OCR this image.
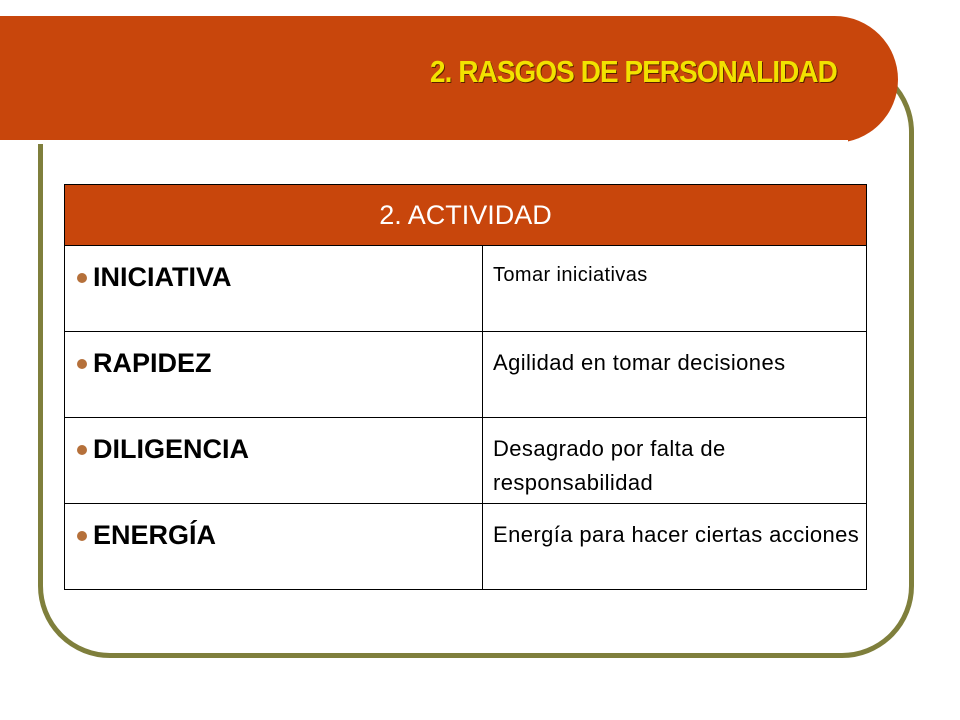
2. RASGOS DE PERSONALIDAD
2. ACTIVIDAD	

INICIATIVA	Tomar iniciativas

RAPIDEZ	Agilidad en tomar decisiones

DILIGENCIA	Desagrado por falta de responsabilidad

ENERGÍA	Energía para hacer ciertas acciones
